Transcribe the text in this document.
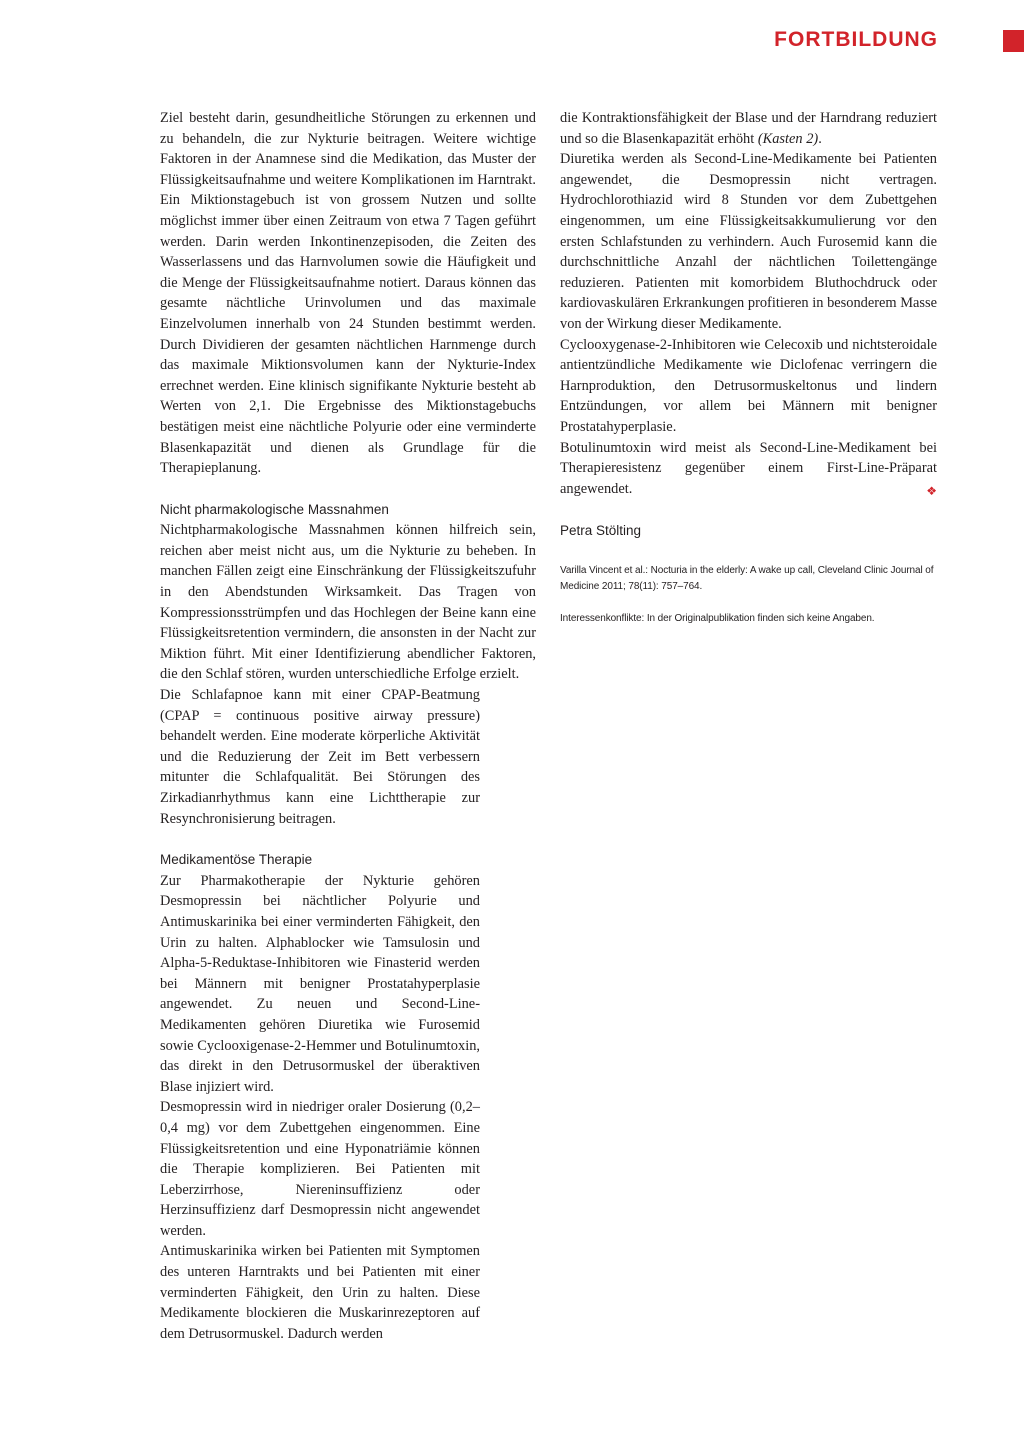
FORTBILDUNG

Ziel besteht darin, gesundheitliche Störungen zu erkennen und zu behandeln, die zur Nykturie beitragen. Weitere wichtige Faktoren in der Anamnese sind die Medikation, das Muster der Flüssigkeitsaufnahme und weitere Komplikationen im Harntrakt. Ein Miktionstagebuch ist von grossem Nutzen und sollte möglichst immer über einen Zeitraum von etwa 7 Tagen geführt werden. Darin werden Inkontinenzepisoden, die Zeiten des Wasserlassens und das Harnvolumen sowie die Häufigkeit und die Menge der Flüssigkeitsaufnahme notiert. Daraus können das gesamte nächtliche Urinvolumen und das maximale Einzelvolumen innerhalb von 24 Stunden bestimmt werden. Durch Dividieren der gesamten nächtlichen Harnmenge durch das maximale Miktionsvolumen kann der Nykturie-Index errechnet werden. Eine klinisch signifikante Nykturie besteht ab Werten von 2,1. Die Ergebnisse des Miktionstagebuchs bestätigen meist eine nächtliche Polyurie oder eine verminderte Blasenkapazität und dienen als Grundlage für die Therapieplanung.

Nicht pharmakologische Massnahmen

Nichtpharmakologische Massnahmen können hilfreich sein, reichen aber meist nicht aus, um die Nykturie zu beheben. In manchen Fällen zeigt eine Einschränkung der Flüssigkeitszufuhr in den Abendstunden Wirksamkeit. Das Tragen von Kompressionsstrümpfen und das Hochlegen der Beine kann eine Flüssigkeitsretention vermindern, die ansonsten in der Nacht zur Miktion führt. Mit einer Identifizierung abendlicher Faktoren, die den Schlaf stören, wurden unterschiedliche Erfolge erzielt.

Die Schlafapnoe kann mit einer CPAP-Beatmung (CPAP = continuous positive airway pressure) behandelt werden. Eine moderate körperliche Aktivität und die Reduzierung der Zeit im Bett verbessern mitunter die Schlafqualität. Bei Störungen des Zirkadianrhythmus kann eine Lichttherapie zur Resynchronisierung beitragen.

Medikamentöse Therapie

Zur Pharmakotherapie der Nykturie gehören Desmopressin bei nächtlicher Polyurie und Antimuskarinika bei einer verminderten Fähigkeit, den Urin zu halten. Alphablocker wie Tamsulosin und Alpha-5-Reduktase-Inhibitoren wie Finasterid werden bei Männern mit benigner Prostatahyperplasie angewendet. Zu neuen und Second-Line-Medikamenten gehören Diuretika wie Furosemid sowie Cyclooxigenase-2-Hemmer und Botulinumtoxin, das direkt in den Detrusormuskel der überaktiven Blase injiziert wird.

Desmopressin wird in niedriger oraler Dosierung (0,2–0,4 mg) vor dem Zubettgehen eingenommen. Eine Flüssigkeitsretention und eine Hyponatriämie können die Therapie komplizieren. Bei Patienten mit Leberzirrhose, Niereninsuffizienz oder Herzinsuffizienz darf Desmopressin nicht angewendet werden.

Antimuskarinika wirken bei Patienten mit Symptomen des unteren Harntrakts und bei Patienten mit einer verminderten Fähigkeit, den Urin zu halten. Diese Medikamente blockieren die Muskarinrezeptoren auf dem Detrusormuskel. Dadurch werden

die Kontraktionsfähigkeit der Blase und der Harndrang reduziert und so die Blasenkapazität erhöht (Kasten 2).

Diuretika werden als Second-Line-Medikamente bei Patienten angewendet, die Desmopressin nicht vertragen. Hydrochlorothiazid wird 8 Stunden vor dem Zubettgehen eingenommen, um eine Flüssigkeitsakkumulierung vor den ersten Schlafstunden zu verhindern. Auch Furosemid kann die durchschnittliche Anzahl der nächtlichen Toilettengänge reduzieren. Patienten mit komorbidem Bluthochdruck oder kardiovaskulären Erkrankungen profitieren in besonderem Masse von der Wirkung dieser Medikamente.

Cyclooxygenase-2-Inhibitoren wie Celecoxib und nichtsteroidale antientzündliche Medikamente wie Diclofenac verringern die Harnproduktion, den Detrusormuskeltonus und lindern Entzündungen, vor allem bei Männern mit benigner Prostatahyperplasie.

Botulinumtoxin wird meist als Second-Line-Medikament bei Therapieresistenz gegenüber einem First-Line-Präparat angewendet.	❖

Petra Stölting
Varilla Vincent et al.: Nocturia in the elderly: A wake up call, Cleveland Clinic Journal of Medicine 2011; 78(11): 757–764.
Interessenkonflikte: In der Originalpublikation finden sich keine Angaben.
